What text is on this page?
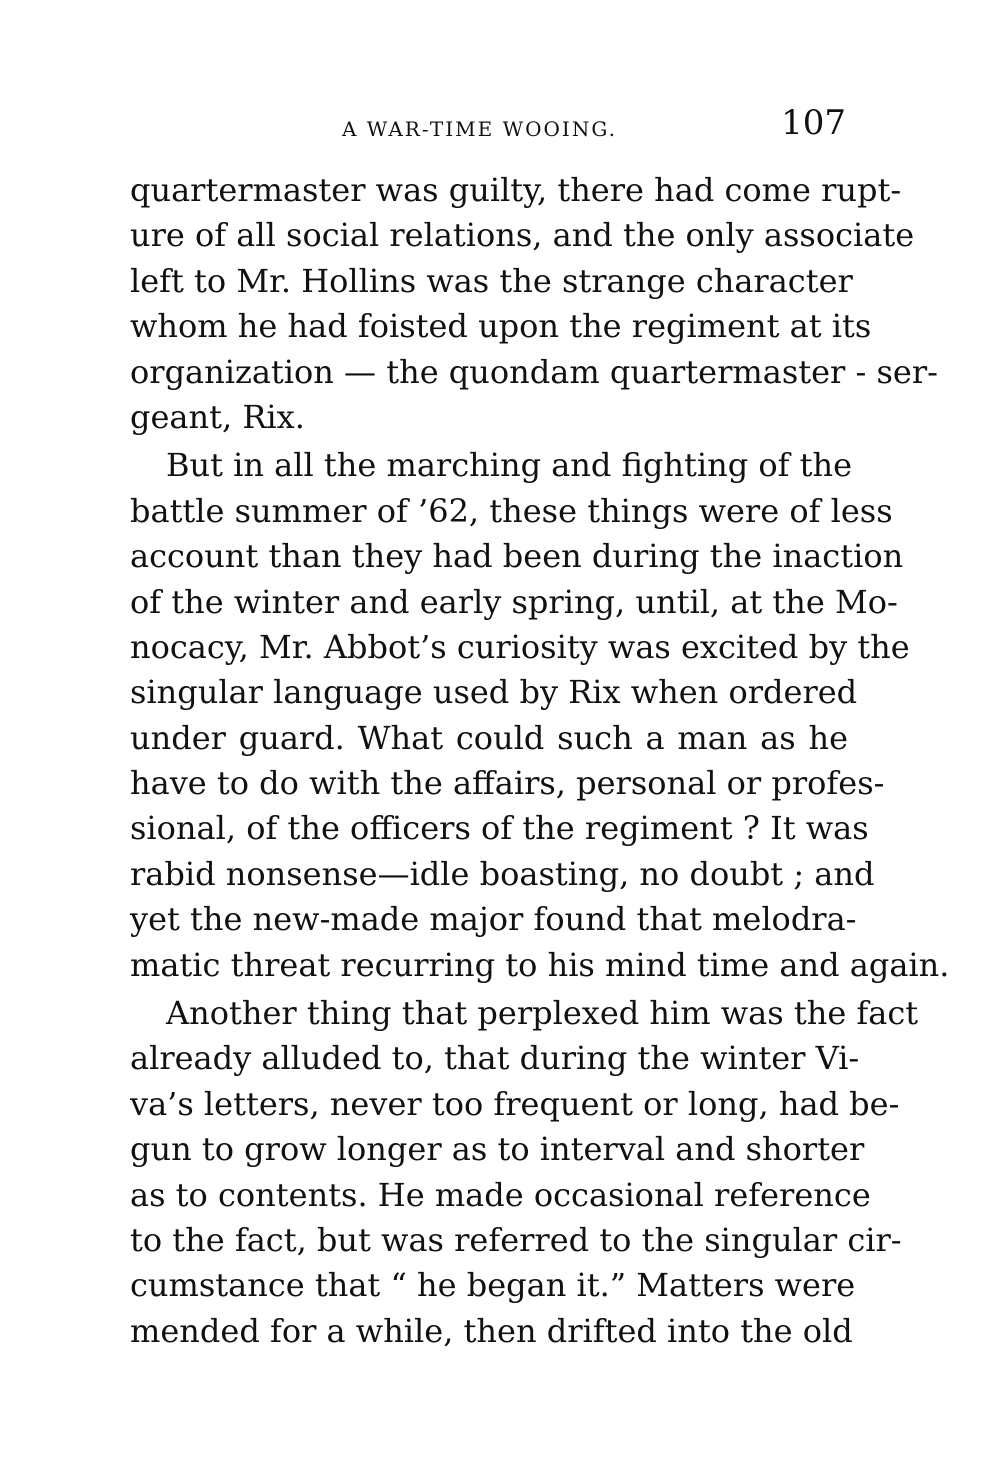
A WAR-TIME WOOING.	107
quartermaster was guilty, there had come rupt-
ure of all social relations, and the only associate
left to Mr. Hollins was the strange character
whom he had foisted upon the regiment at its
organization — the quondam quartermaster - ser-
geant, Rix.
But in all the marching and fighting of the
battle summer of ’62, these things were of less
account than they had been during the inaction
of the winter and early spring, until, at the Mo-
nocacy, Mr. Abbot’s curiosity was excited by the
singular language used by Rix when ordered
under guard. What could such a man as he
have to do with the affairs, personal or profes-
sional, of the officers of the regiment ? It was
rabid nonsense—idle boasting, no doubt ; and
yet the new-made major found that melodra-
matic threat recurring to his mind time and again.
Another thing that perplexed him was the fact
already alluded to, that during the winter Vi-
va’s letters, never too frequent or long, had be-
gun to grow longer as to interval and shorter
as to contents. He made occasional reference
to the fact, but was referred to the singular cir-
cumstance that “ he began it.” Matters were
mended for a while, then drifted into the old
